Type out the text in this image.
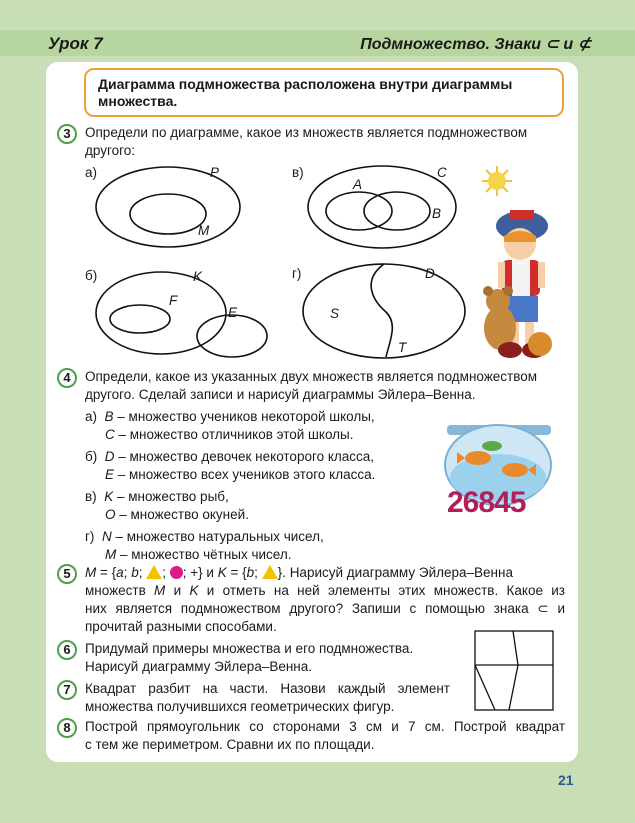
Урок 7	Подмножество. Знаки ⊂ и ⊄
Диаграмма подмножества расположена внутри диаграммы множества.
3	Определи по диаграмме, какое из множеств является подмножеством
другого:
а)	P
M
в)	C
A
B
б)	K
F
E
г)	D
S
T
4	Определи, какое из указанных двух множеств является подмножеством
другого. Сделай записи и нарисуй диаграммы Эйлера–Венна.
а) B – множество учеников некоторой школы,
C – множество отличников этой школы.
б) D – множество девочек некоторого класса,
E – множество всех учеников этого класса.
в) K – множество рыб,
O – множество окуней.
г) N – множество натуральных чисел,
M – множество чётных чисел.
26845
5	M = {a; b; ; ; +} и K = {b; }. Нарисуй диаграмму Эйлера–Венна
множеств M и K и отметь на ней элементы этих множеств. Какое из
них является подмножеством другого? Запиши с помощью знака ⊂ и
прочитай разными способами.
6	Придумай примеры множества и его подмножества.
Нарисуй диаграмму Эйлера–Венна.
7	Квадрат разбит на части. Назови каждый элемент
множества получившихся геометрических фигур.
8	Построй прямоугольник со сторонами 3 см и 7 см. Построй квадрат
с тем же периметром. Сравни их по площади.
21
